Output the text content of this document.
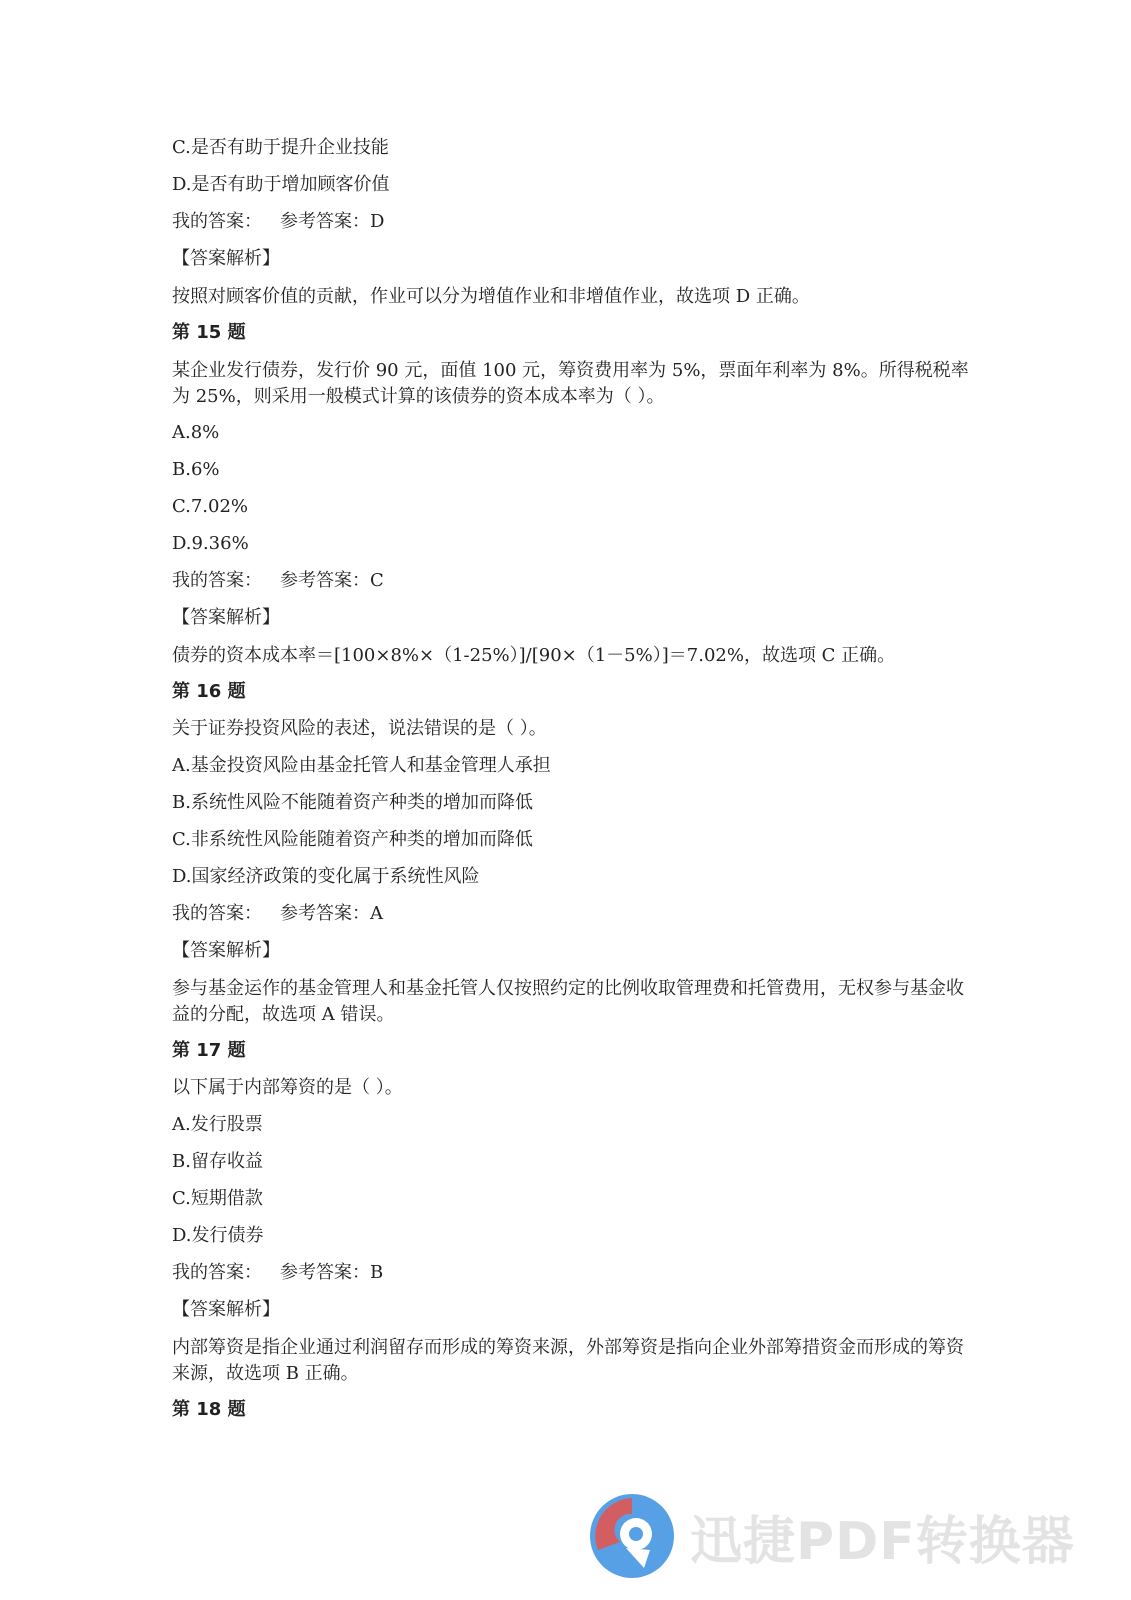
C.是否有助于提升企业技能
D.是否有助于增加顾客价值
我的答案： 参考答案：D
【答案解析】
按照对顾客价值的贡献，作业可以分为增值作业和非增值作业，故选项 D 正确。
第 15 题
某企业发行债券，发行价 90 元，面值 100 元，筹资费用率为 5%，票面年利率为 8%。所得税税率为 25%，则采用一般模式计算的该债券的资本成本率为（ ）。
A.8%
B.6%
C.7.02%
D.9.36%
我的答案： 参考答案：C
【答案解析】
债券的资本成本率＝[100×8%×（1-25%）]/[90×（1－5%）]＝7.02%，故选项 C 正确。
第 16 题
关于证券投资风险的表述，说法错误的是（ ）。
A.基金投资风险由基金托管人和基金管理人承担
B.系统性风险不能随着资产种类的增加而降低
C.非系统性风险能随着资产种类的增加而降低
D.国家经济政策的变化属于系统性风险
我的答案： 参考答案：A
【答案解析】
参与基金运作的基金管理人和基金托管人仅按照约定的比例收取管理费和托管费用，无权参与基金收益的分配，故选项 A 错误。
第 17 题
以下属于内部筹资的是（ ）。
A.发行股票
B.留存收益
C.短期借款
D.发行债券
我的答案： 参考答案：B
【答案解析】
内部筹资是指企业通过利润留存而形成的筹资来源，外部筹资是指向企业外部筹措资金而形成的筹资来源，故选项 B 正确。
第 18 题
迅捷PDF转换器
